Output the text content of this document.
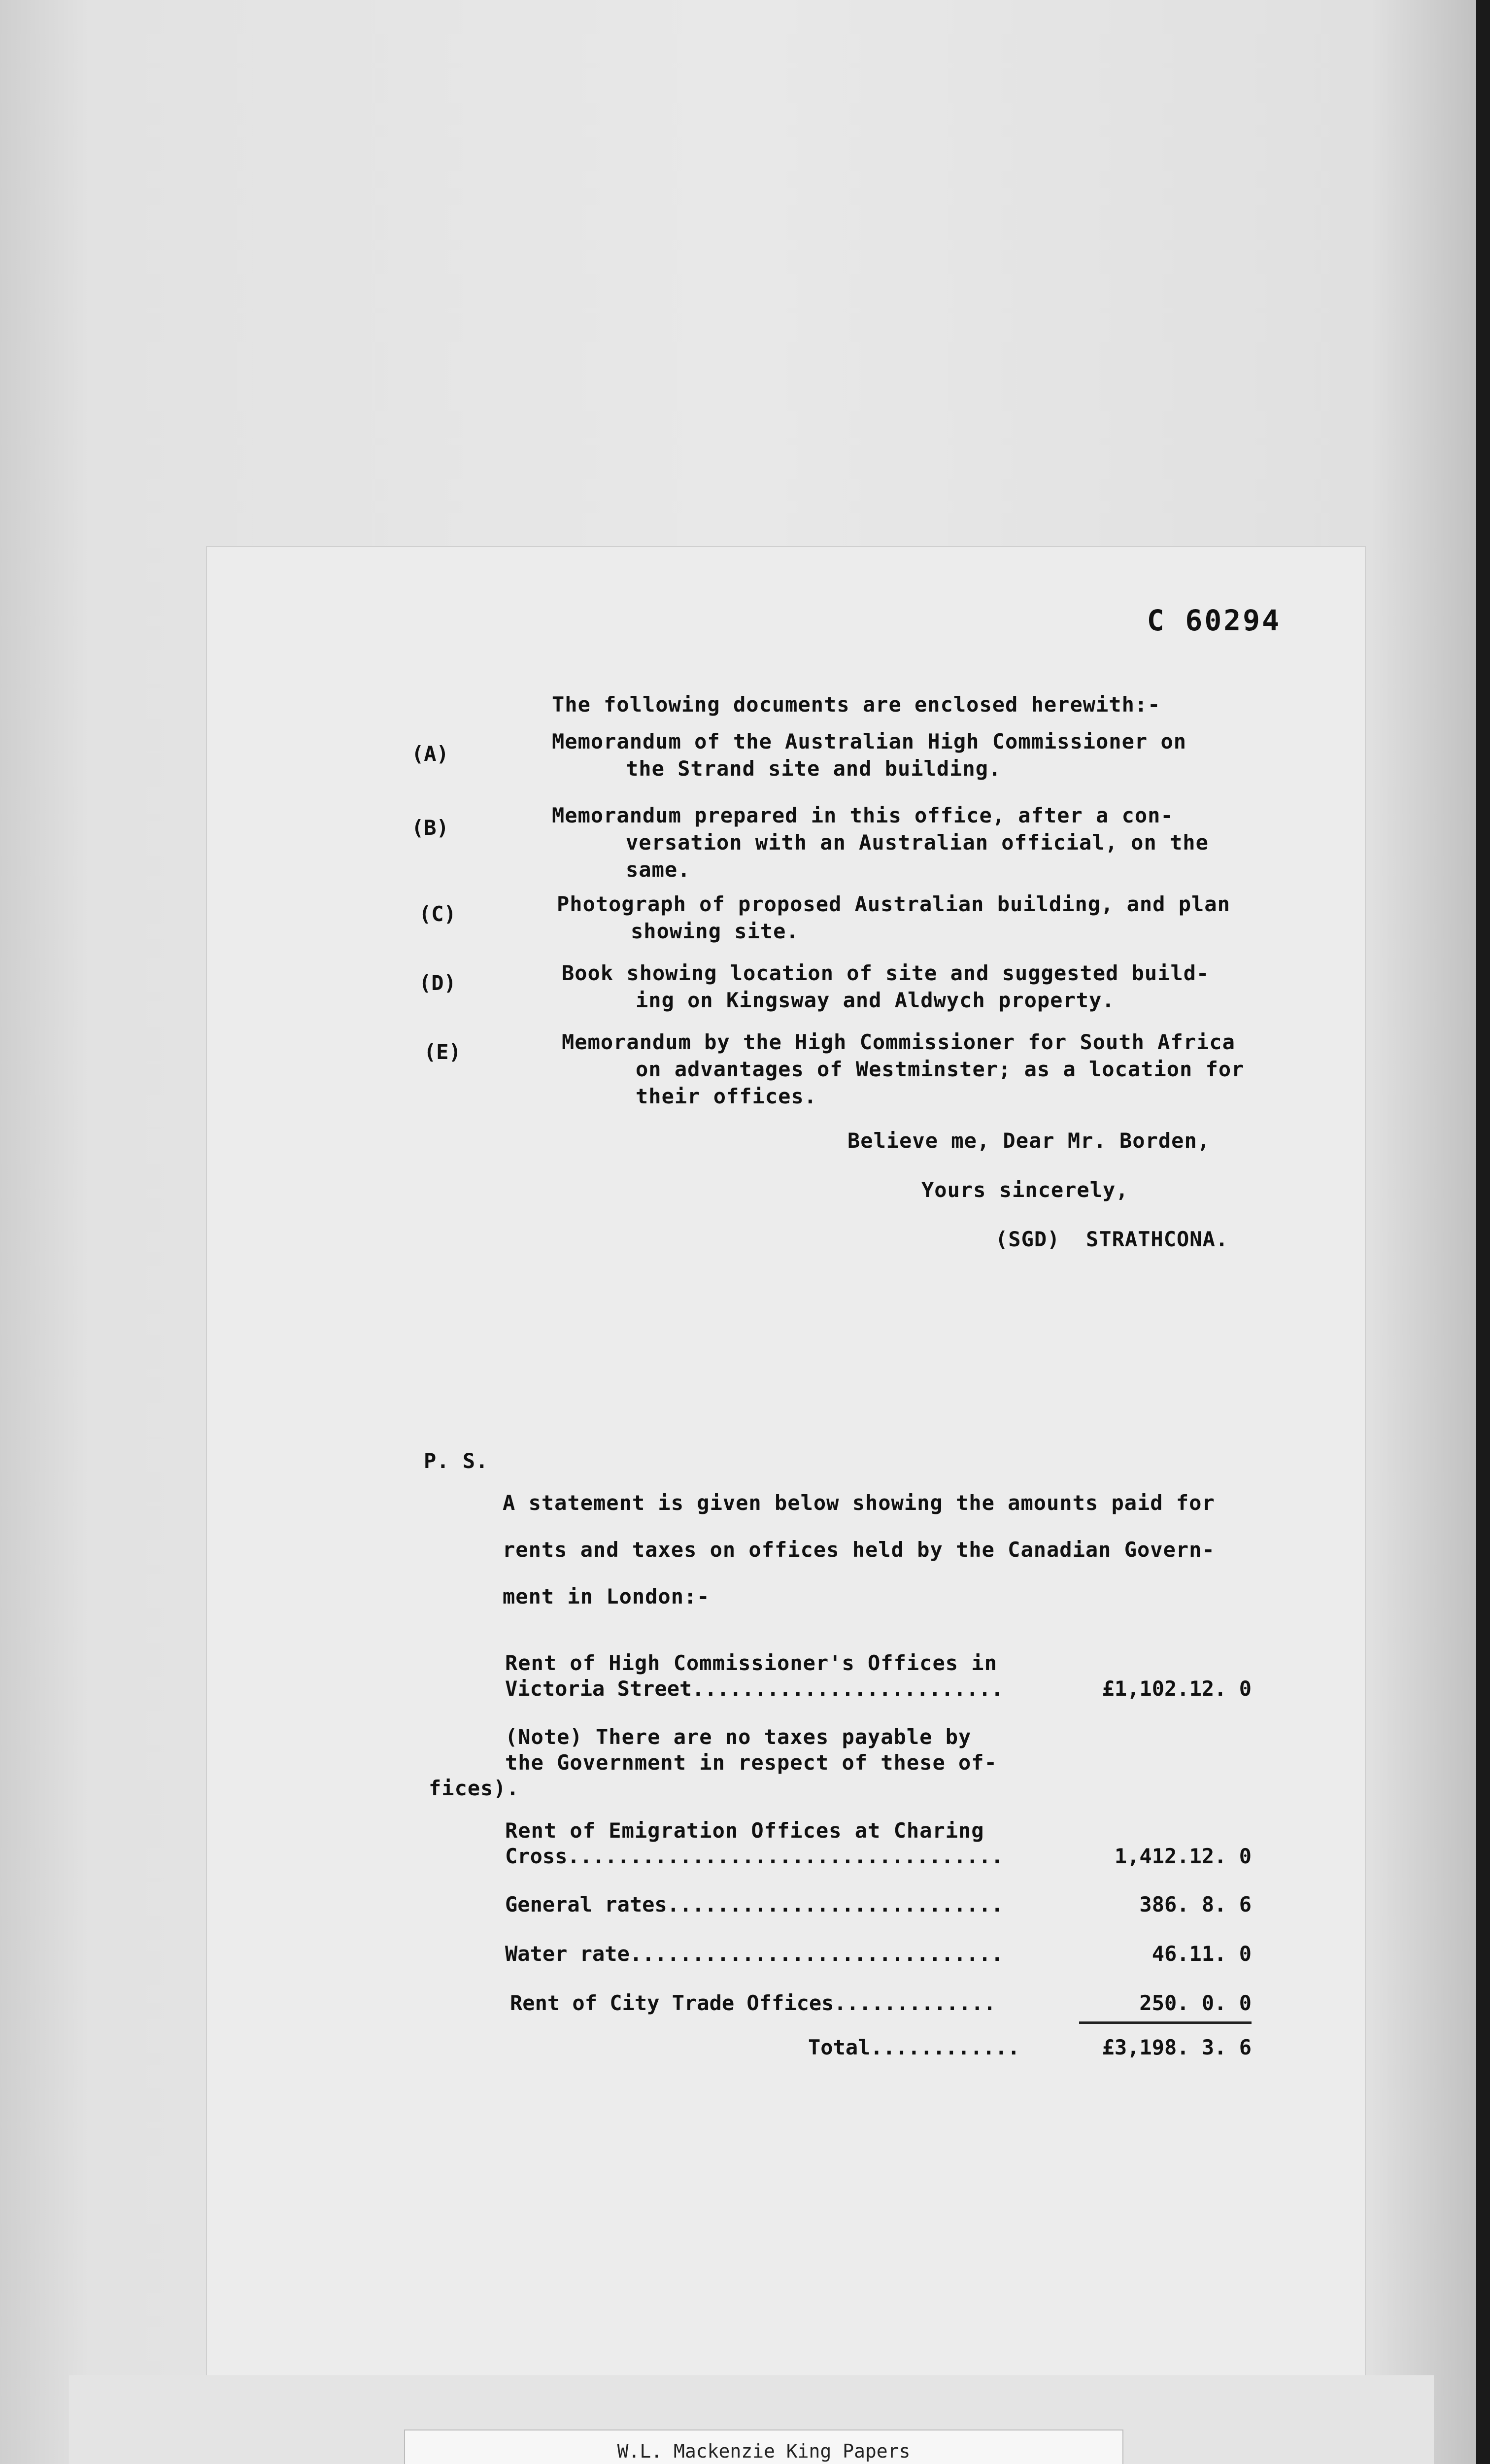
C 60294
The following documents are enclosed herewith:-
(A)
Memorandum of the Australian High Commissioner on
the Strand site and building.
(B)
Memorandum prepared in this office, after a con-
versation with an Australian official, on the
same.
(C)	Photograph of proposed Australian building, and plan
showing site.
(D)	Book showing location of site and suggested build-
ing on Kingsway and Aldwych property.
(E)	Memorandum by the High Commissioner for South Africa
on advantages of Westminster; as a location for
their offices.
Believe me, Dear Mr. Borden,
Yours sincerely,
(SGD)  STRATHCONA.
P. S.
A statement is given below showing the amounts paid for
rents and taxes on offices held by the Canadian Govern-
ment in London:-
Rent of High Commissioner's Offices in
Victoria Street.........................	£1,102.12. 0
(Note) There are no taxes payable by
the Government in respect of these of-
fices).
Rent of Emigration Offices at Charing
Cross...................................	1,412.12. 0
General rates...........................	386. 8. 6
Water rate..............................	46.11. 0
Rent of City Trade Offices.............	250. 0. 0
Total............	£3,198. 3. 6
W.L. Mackenzie King Papers
